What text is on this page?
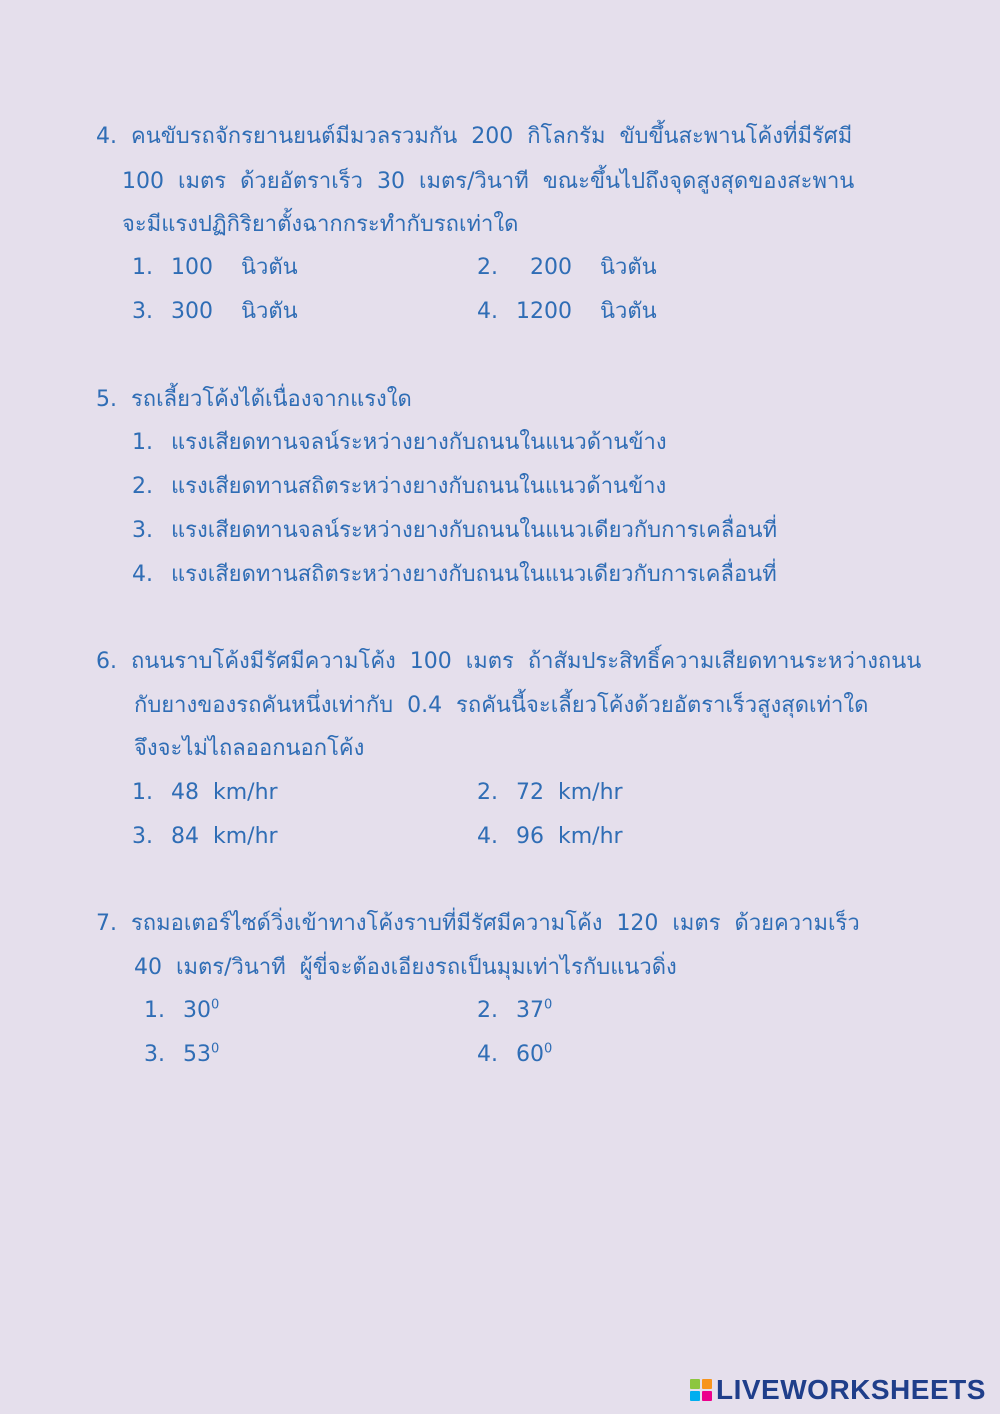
4.  คนขับรถจักรยานยนต์มีมวลรวมกัน  200  กิโลกรัม  ขับขึ้นสะพานโค้งที่มีรัศมี
100  เมตร  ด้วยอัตราเร็ว  30  เมตร/วินาที  ขณะขึ้นไปถึงจุดสูงสุดของสะพาน
จะมีแรงปฏิกิริยาตั้งฉากกระทำกับรถเท่าใด
1. 100    นิวตัน	2. 200    นิวตัน
3. 300    นิวตัน	4. 1200    นิวตัน
5.  รถเลี้ยวโค้งได้เนื่องจากแรงใด
1. แรงเสียดทานจลน์ระหว่างยางกับถนนในแนวด้านข้าง
2. แรงเสียดทานสถิตระหว่างยางกับถนนในแนวด้านข้าง
3. แรงเสียดทานจลน์ระหว่างยางกับถนนในแนวเดียวกับการเคลื่อนที่
4. แรงเสียดทานสถิตระหว่างยางกับถนนในแนวเดียวกับการเคลื่อนที่
6.  ถนนราบโค้งมีรัศมีความโค้ง  100  เมตร  ถ้าสัมประสิทธิ์ความเสียดทานระหว่างถนน
กับยางของรถคันหนึ่งเท่ากับ  0.4  รถคันนี้จะเลี้ยวโค้งด้วยอัตราเร็วสูงสุดเท่าใด
จึงจะไม่ไถลออกนอกโค้ง
1. 48  km/hr	2. 72  km/hr
3. 84  km/hr	4. 96  km/hr
7.  รถมอเตอร์ไซด์วิ่งเข้าทางโค้งราบที่มีรัศมีความโค้ง  120  เมตร  ด้วยความเร็ว
40  เมตร/วินาที  ผู้ขี่จะต้องเอียงรถเป็นมุมเท่าไรกับแนวดิ่ง
1. $30^0$	2. $37^0$
3. $53^0$	4. $60^0$
LIVEWORKSHEETS
